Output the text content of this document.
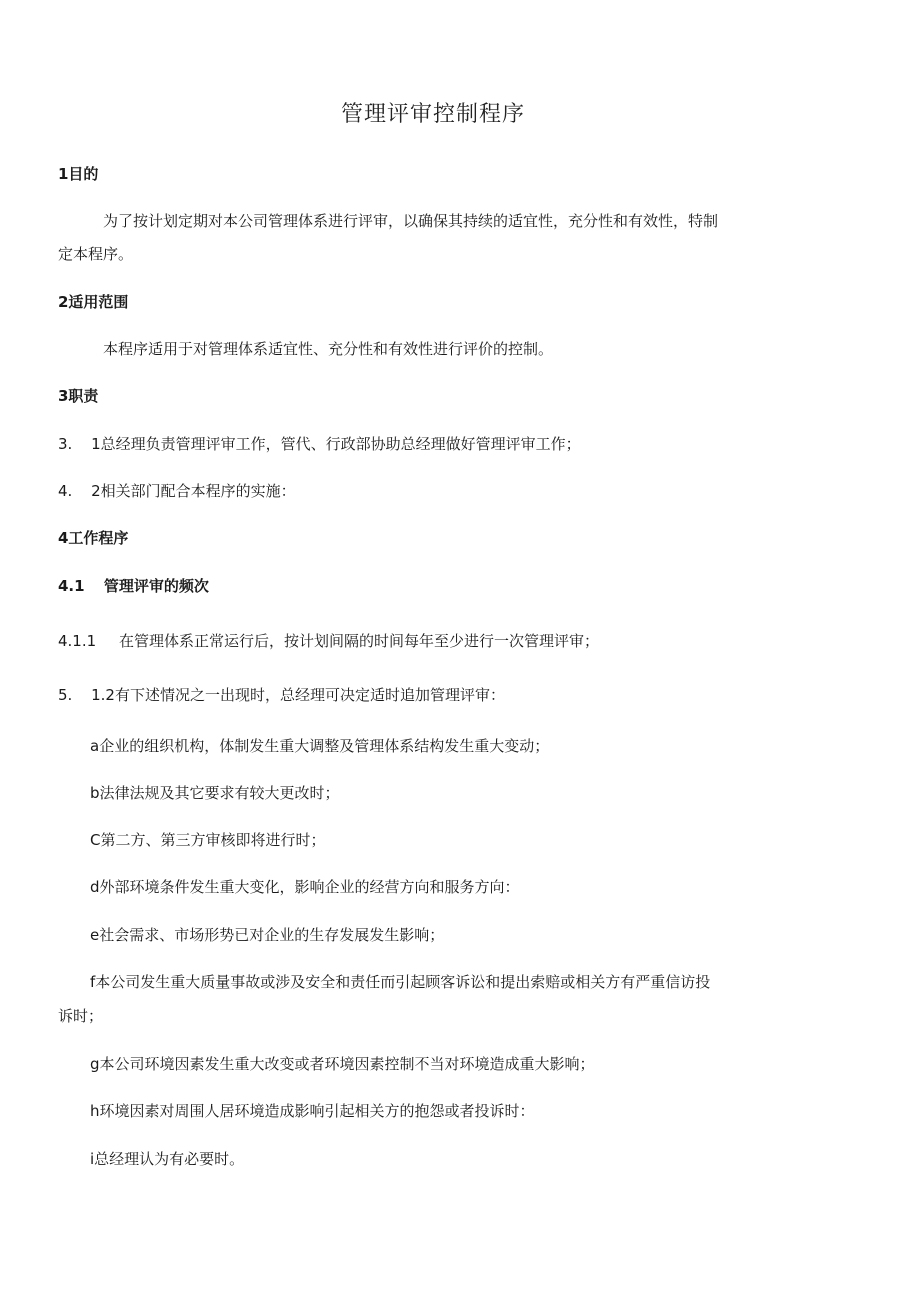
管理评审控制程序
1目的
为了按计划定期对本公司管理体系进行评审，以确保其持续的适宜性，充分性和有效性，特制
定本程序。
2适用范围
本程序适用于对管理体系适宜性、充分性和有效性进行评价的控制。
3职责
3. 1总经理负责管理评审工作，管代、行政部协助总经理做好管理评审工作；
4. 2相关部门配合本程序的实施：
4工作程序
4.1 管理评审的频次
4.1.1 在管理体系正常运行后，按计划间隔的时间每年至少进行一次管理评审；
5. 1.2有下述情况之一出现时，总经理可决定适时追加管理评审：
a企业的组织机构，体制发生重大调整及管理体系结构发生重大变动；
b法律法规及其它要求有较大更改时；
C第二方、第三方审核即将进行时；
d外部环境条件发生重大变化，影响企业的经营方向和服务方向：
e社会需求、市场形势已对企业的生存发展发生影响；
f本公司发生重大质量事故或涉及安全和责任而引起顾客诉讼和提出索赔或相关方有严重信访投
诉时；
g本公司环境因素发生重大改变或者环境因素控制不当对环境造成重大影响；
h环境因素对周围人居环境造成影响引起相关方的抱怨或者投诉时：
i总经理认为有必要时。
